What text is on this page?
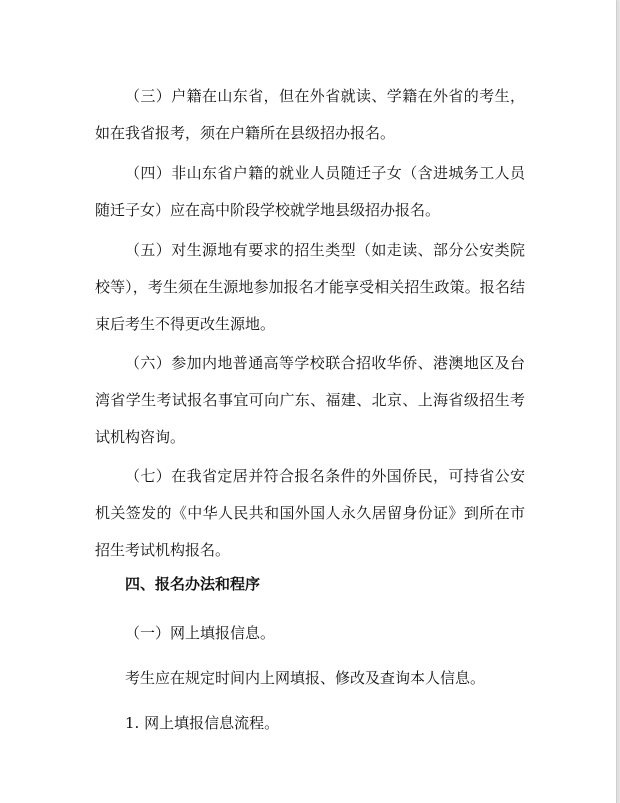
（三）户籍在山东省，但在外省就读、学籍在外省的考生，如在我省报考，须在户籍所在县级招办报名。

（四）非山东省户籍的就业人员随迁子女（含进城务工人员随迁子女）应在高中阶段学校就学地县级招办报名。

（五）对生源地有要求的招生类型（如走读、部分公安类院校等），考生须在生源地参加报名才能享受相关招生政策。报名结束后考生不得更改生源地。

（六）参加内地普通高等学校联合招收华侨、港澳地区及台湾省学生考试报名事宜可向广东、福建、北京、上海省级招生考试机构咨询。

（七）在我省定居并符合报名条件的外国侨民，可持省公安机关签发的《中华人民共和国外国人永久居留身份证》到所在市招生考试机构报名。

四、报名办法和程序

（一）网上填报信息。

考生应在规定时间内上网填报、修改及查询本人信息。

1. 网上填报信息流程。
